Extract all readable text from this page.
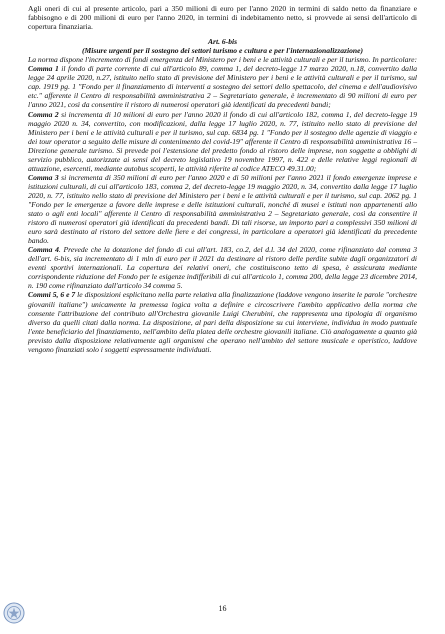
Agli oneri di cui al presente articolo, pari a 350 milioni di euro per l'anno 2020 in termini di saldo netto da finanziare e fabbisogno e di 200 milioni di euro per l'anno 2020, in termini di indebitamento netto, si provvede ai sensi dell'articolo di copertura finanziaria.

Art. 6-bis

(Misure urgenti per il sostegno dei settori turismo e cultura e per l'internazionalizzazione)

La norma dispone l'incremento di fondi emergenza del Ministero per i beni e le attività culturali e per il turismo. In particolare:

Comma 1 il fondo di parte corrente di cui all'articolo 89, comma 1, del decreto-legge 17 marzo 2020, n.18, convertito dalla legge 24 aprile 2020, n.27, istituito nello stato di previsione del Ministero per i beni e le attività culturali e per il turismo, sul cap. 1919 pg. 1 "Fondo per il finanziamento di interventi a sostegno dei settori dello spettacolo, del cinema e dell'audiovisivo etc." afferente il Centro di responsabilità amministrativa 2 – Segretariato generale, è incrementato di 90 milioni di euro per l'anno 2021, così da consentire il ristoro di numerosi operatori già identificati da precedenti bandi;

Comma 2 si incrementa di 10 milioni di euro per l'anno 2020 il fondo di cui all'articolo 182, comma 1, del decreto-legge 19 maggio 2020 n. 34, convertito, con modificazioni, dalla legge 17 luglio 2020, n. 77, istituito nello stato di previsione del Ministero per i beni e le attività culturali e per il turismo, sul cap. 6834 pg. 1 "Fondo per il sostegno delle agenzie di viaggio e dei tour operator a seguito delle misure di contenimento del covid-19" afferente il Centro di responsabilità amministrativa 16 – Direzione generale turismo. Si prevede poi l'estensione del predetto fondo al ristoro delle imprese, non soggette a obblighi di servizio pubblico, autorizzate ai sensi del decreto legislativo 19 novembre 1997, n. 422 e delle relative leggi regionali di attuazione, esercenti, mediante autobus scoperti, le attività riferite al codice ATECO 49.31.00;

Comma 3 si incrementa di 350 milioni di euro per l'anno 2020 e di 50 milioni per l'anno 2021 il fondo emergenze imprese e istituzioni culturali, di cui all'articolo 183, comma 2, del decreto-legge 19 maggio 2020, n. 34, convertito dalla legge 17 luglio 2020, n. 77, istituito nello stato di previsione del Ministero per i beni e le attività culturali e per il turismo, sul cap. 2062 pg. 1 "Fondo per le emergenze a favore delle imprese e delle istituzioni culturali, nonché di musei e istituti non appartenenti allo stato o agli enti locali" afferente il Centro di responsabilità amministrativa 2 – Segretariato generale, così da consentire il ristoro di numerosi operatori già identificati da precedenti bandi. Di tali risorse, un importo pari a complessivi 350 milioni di euro sarà destinato al ristoro del settore delle fiere e dei congressi, in particolare a operatori già identificati da precedente bando.

Comma 4. Prevede che la dotazione del fondo di cui all'art. 183, co.2, del d.l. 34 del 2020, come rifinanziato dal comma 3 dell'art. 6-bis, sia incrementato di 1 mln di euro per il 2021 da destinare al ristoro delle perdite subite dagli organizzatori di eventi sportivi internazionali. La copertura dei relativi oneri, che costituiscono tetto di spesa, è assicurata mediante corrispondente riduzione del Fondo per le esigenze indifferibili di cui all'articolo 1, comma 200, della legge 23 dicembre 2014, n. 190 come rifinanziato dall'articolo 34 comma 5.

Commi 5, 6 e 7 le disposizioni esplicitano nella parte relativa alla finalizzazione (laddove vengono inserite le parole "orchestre giovanili italiane") unicamente la premessa logica volta a definire e circoscrivere l'ambito applicativo della norma che consente l'attribuzione del contributo all'Orchestra giovanile Luigi Cherubini, che rappresenta una tipologia di organismo diverso da quelli citati dalla norma. La disposizione, al pari della disposizione su cui interviene, individua in modo puntuale l'ente beneficiario del finanziamento, nell'ambito della platea delle orchestre giovanili italiane. Ciò analogamente a quanto già previsto dalla disposizione relativamente agli organismi che operano nell'ambito del settore musicale e operistico, laddove vengono finanziati solo i soggetti espressamente individuati.

16
